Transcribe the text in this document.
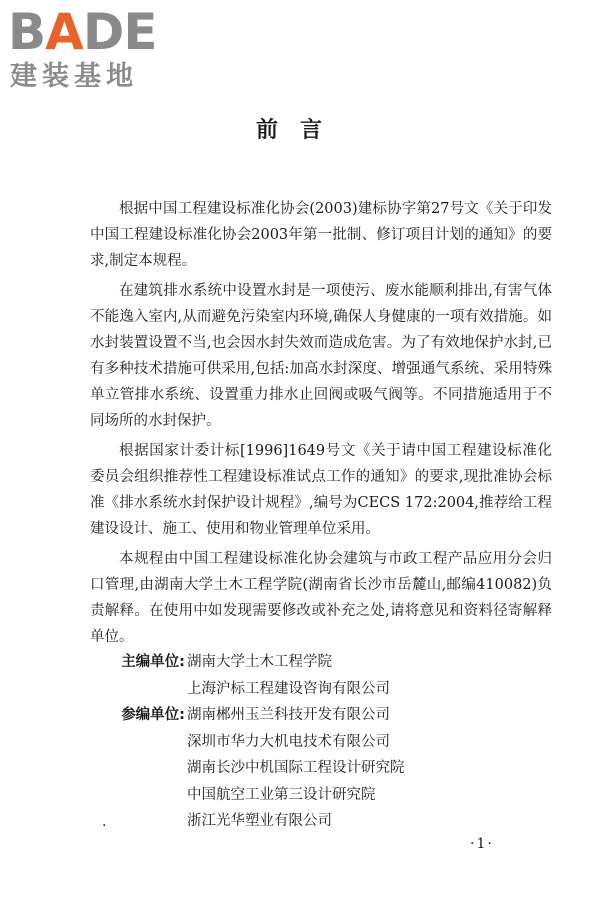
BADE
建装基地
前言

根据中国工程建设标准化协会(2003)建标协字第27号文《关于印发中国工程建设标准化协会2003年第一批制、修订项目计划的通知》的要求,制定本规程。

在建筑排水系统中设置水封是一项使污、废水能顺利排出,有害气体不能逸入室内,从而避免污染室内环境,确保人身健康的一项有效措施。如水封装置设置不当,也会因水封失效而造成危害。为了有效地保护水封,已有多种技术措施可供采用,包括:加高水封深度、增强通气系统、采用特殊单立管排水系统、设置重力排水止回阀或吸气阀等。不同措施适用于不同场所的水封保护。

根据国家计委计标[1996]1649号文《关于请中国工程建设标准化委员会组织推荐性工程建设标准试点工作的通知》的要求,现批准协会标准《排水系统水封保护设计规程》,编号为CECS 172:2004,推荐给工程建设设计、施工、使用和物业管理单位采用。

本规程由中国工程建设标准化协会建筑与市政工程产品应用分会归口管理,由湖南大学土木工程学院(湖南省长沙市岳麓山,邮编410082)负责解释。在使用中如发现需要修改或补充之处,请将意见和资料径寄解释单位。

主编单位: 湖南大学土木工程学院
上海沪标工程建设咨询有限公司
参编单位: 湖南郴州玉兰科技开发有限公司
深圳市华力大机电技术有限公司
湖南长沙中机国际工程设计研究院
中国航空工业第三设计研究院
浙江光华塑业有限公司
·
·1·
